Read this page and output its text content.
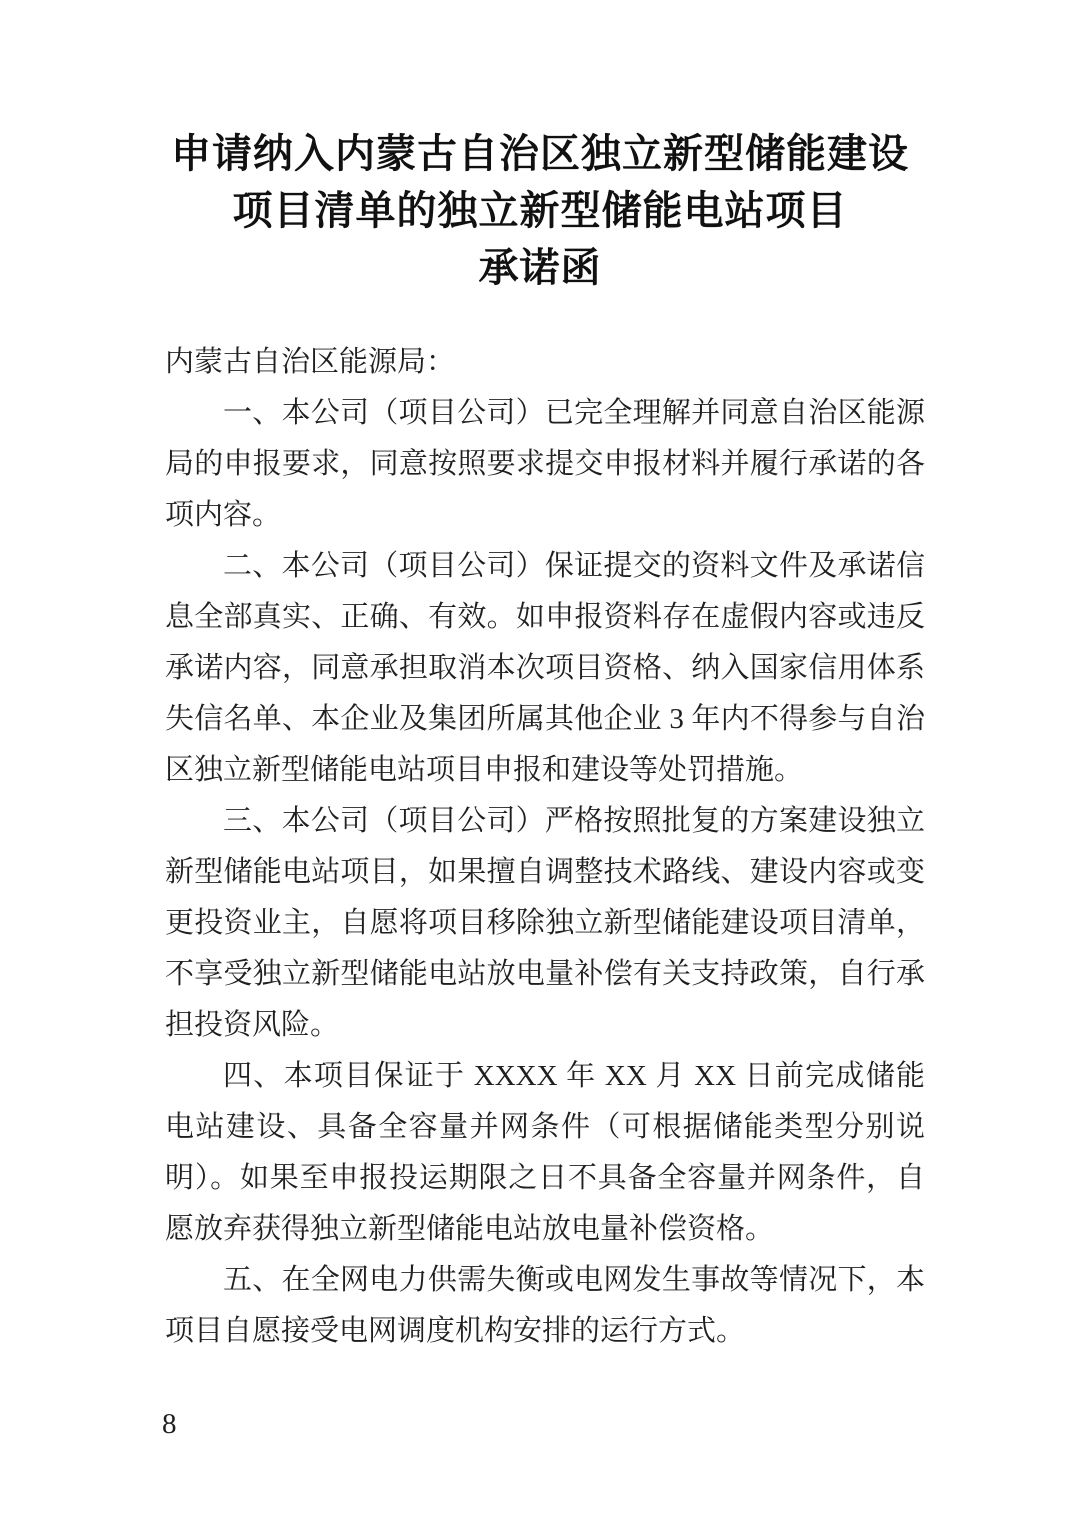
申请纳入内蒙古自治区独立新型储能建设
项目清单的独立新型储能电站项目
承诺函

内蒙古自治区能源局：

一、本公司（项目公司）已完全理解并同意自治区能源局的申报要求，同意按照要求提交申报材料并履行承诺的各项内容。

二、本公司（项目公司）保证提交的资料文件及承诺信息全部真实、正确、有效。如申报资料存在虚假内容或违反承诺内容，同意承担取消本次项目资格、纳入国家信用体系失信名单、本企业及集团所属其他企业 3 年内不得参与自治区独立新型储能电站项目申报和建设等处罚措施。

三、本公司（项目公司）严格按照批复的方案建设独立新型储能电站项目，如果擅自调整技术路线、建设内容或变更投资业主，自愿将项目移除独立新型储能建设项目清单，不享受独立新型储能电站放电量补偿有关支持政策，自行承担投资风险。

四、本项目保证于 XXXX 年 XX 月 XX 日前完成储能电站建设、具备全容量并网条件（可根据储能类型分别说明）。如果至申报投运期限之日不具备全容量并网条件，自愿放弃获得独立新型储能电站放电量补偿资格。

五、在全网电力供需失衡或电网发生事故等情况下，本项目自愿接受电网调度机构安排的运行方式。

8
